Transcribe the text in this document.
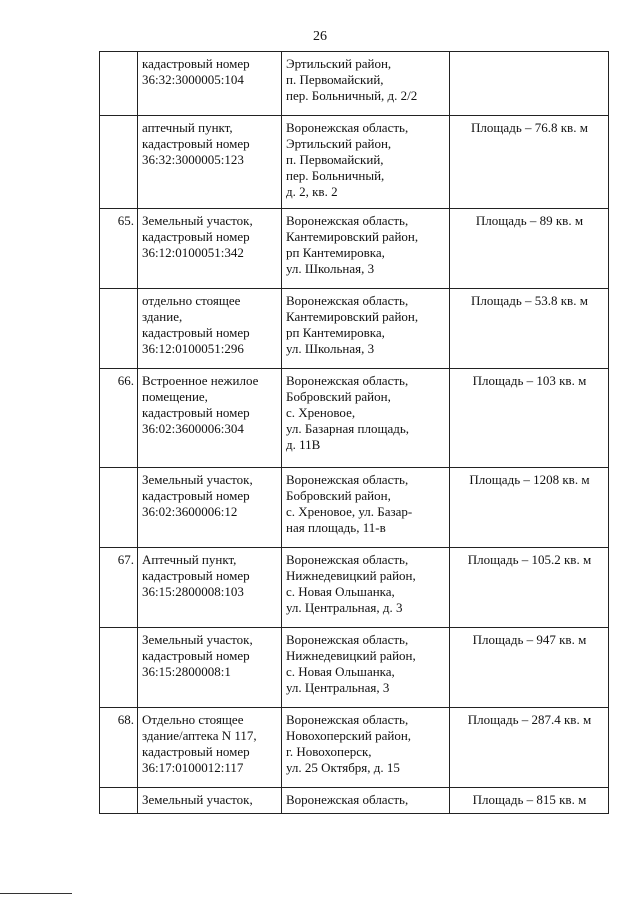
26

	кадастровый номер
36:32:3000005:104	Эртильский район,
п. Первомайский,
пер. Больничный, д. 2/2	

	аптечный пункт,
кадастровый номер
36:32:3000005:123	Воронежская область,
Эртильский район,
п. Первомайский,
пер. Больничный,
д. 2, кв. 2	Площадь – 76.8 кв. м
65.	Земельный участок,
кадастровый номер
36:12:0100051:342	Воронежская область,
Кантемировский район,
рп Кантемировка,
ул. Школьная, 3	Площадь – 89 кв. м

	отдельно стоящее
здание,
кадастровый номер
36:12:0100051:296	Воронежская область,
Кантемировский район,
рп Кантемировка,
ул. Школьная, 3	Площадь – 53.8 кв. м
66.	Встроенное нежилое
помещение,
кадастровый номер
36:02:3600006:304	Воронежская область,
Бобровский район,
с. Хреновое,
ул. Базарная площадь,
д. 11В	Площадь – 103 кв. м

	Земельный участок,
кадастровый номер
36:02:3600006:12	Воронежская область,
Бобровский район,
с. Хреновое, ул. Базар-
ная площадь, 11-в	Площадь – 1208 кв. м
67.	Аптечный пункт,
кадастровый номер
36:15:2800008:103	Воронежская область,
Нижнедевицкий район,
с. Новая Ольшанка,
ул. Центральная, д. 3	Площадь – 105.2 кв. м

	Земельный участок,
кадастровый номер
36:15:2800008:1	Воронежская область,
Нижнедевицкий район,
с. Новая Ольшанка,
ул. Центральная, 3	Площадь – 947 кв. м
68.	Отдельно стоящее
здание/аптека N 117,
кадастровый номер
36:17:0100012:117	Воронежская область,
Новохоперский район,
г. Новохоперск,
ул. 25 Октября, д. 15	Площадь – 287.4 кв. м

	Земельный участок,	Воронежская область,	Площадь – 815 кв. м
